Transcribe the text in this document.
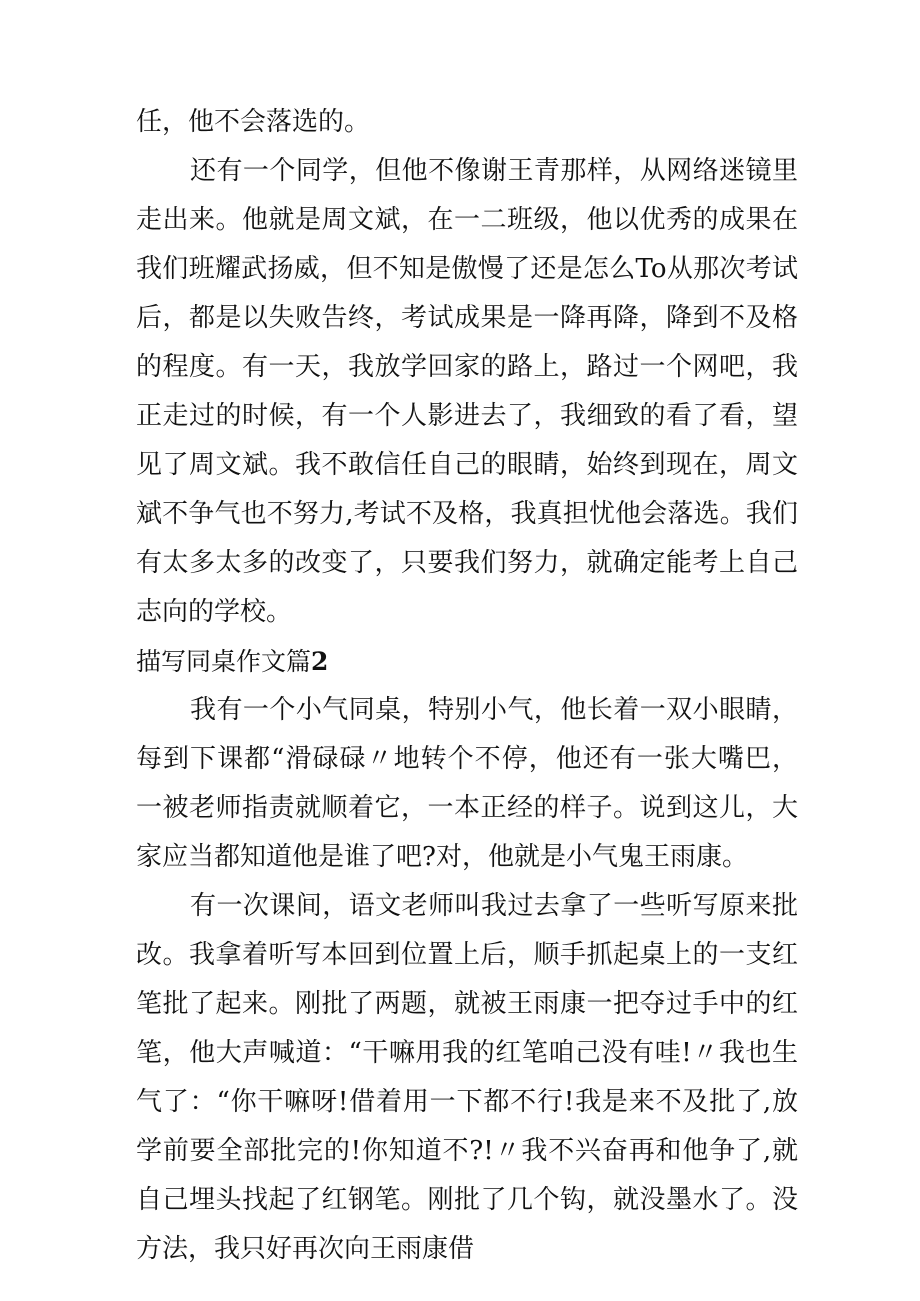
任，他不会落选的。

还有一个同学，但他不像谢王青那样，从网络迷镜里走出来。他就是周文斌，在一二班级，他以优秀的成果在我们班耀武扬威，但不知是傲慢了还是怎么To从那次考试后，都是以失败告终，考试成果是一降再降，降到不及格的程度。有一天，我放学回家的路上，路过一个网吧，我正走过的时候，有一个人影进去了，我细致的看了看，望见了周文斌。我不敢信任自己的眼睛，始终到现在，周文斌不争气也不努力,考试不及格，我真担忧他会落选。我们有太多太多的改变了，只要我们努力，就确定能考上自己志向的学校。

描写同桌作文篇2

我有一个小气同桌，特别小气，他长着一双小眼睛，每到下课都“滑碌碌〃地转个不停，他还有一张大嘴巴，一被老师指责就顺着它，一本正经的样子。说到这儿，大家应当都知道他是谁了吧?对，他就是小气鬼王雨康。

有一次课间，语文老师叫我过去拿了一些听写原来批改。我拿着听写本回到位置上后，顺手抓起桌上的一支红笔批了起来。刚批了两题，就被王雨康一把夺过手中的红笔，他大声喊道：“干嘛用我的红笔咱己没有哇!〃我也生气了：“你干嘛呀!借着用一下都不行!我是来不及批了,放学前要全部批完的!你知道不?!〃我不兴奋再和他争了,就自己埋头找起了红钢笔。刚批了几个钩，就没墨水了。没方法，我只好再次向王雨康借
